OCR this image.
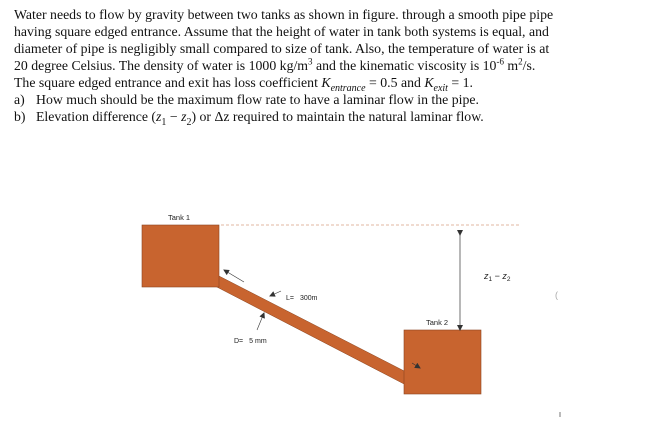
Water needs to flow by gravity between two tanks as shown in figure. through a smooth pipe pipe

having square edged entrance. Assume that the height of water in tank both systems is equal, and

diameter of pipe is negligibly small compared to size of tank. Also, the temperature of water is at

20 degree Celsius. The density of water is 1000 $kg/m^3$ and the kinematic viscosity is $10^{-6}$ $m^2/s$.

The square edged entrance and exit has loss coefficient $K_{entrance} = 0.5$ and $K_{exit} = 1$.

a) How much should be the maximum flow rate to have a laminar flow in the pipe.

b) Elevation difference $(z_1 - z_2)$ or Δz required to maintain the natural laminar flow.

Tank 1
Tank 2
$z_1 - z_2$
L= 300m
D= 5 mm
(
